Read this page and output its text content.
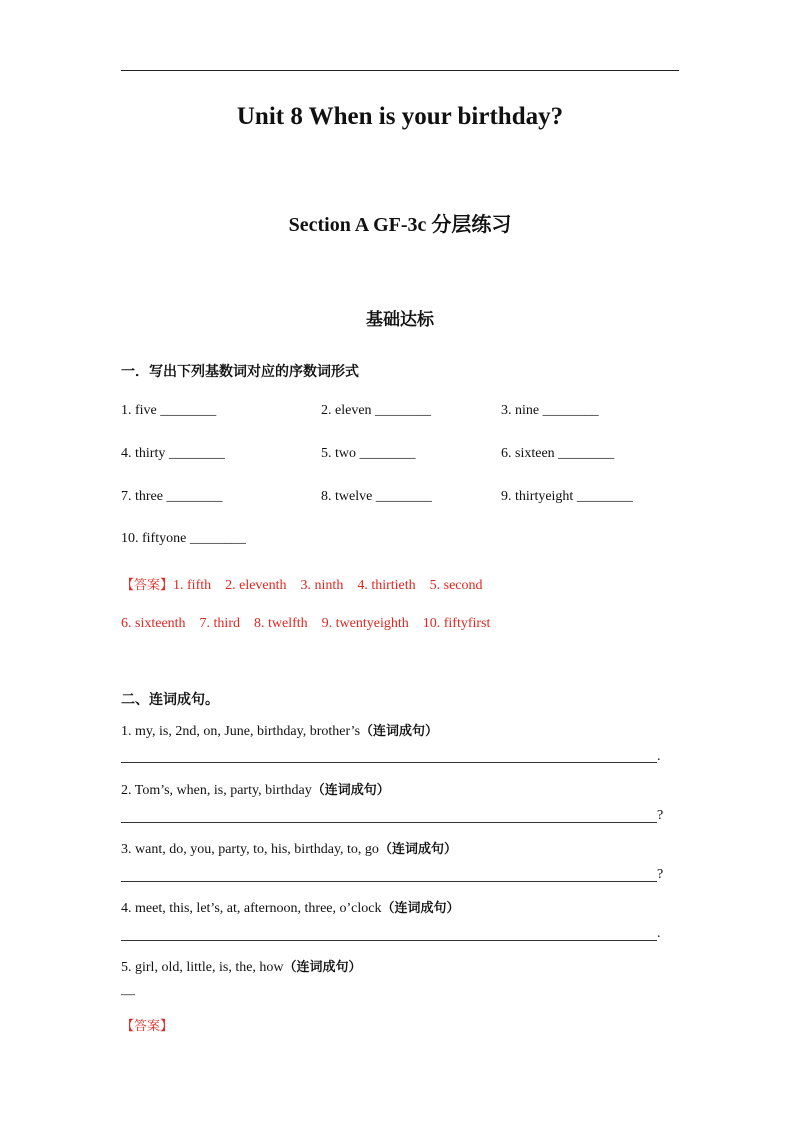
Unit 8 When is your birthday?
Section A GF-3c 分层练习
基础达标
一．写出下列基数词对应的序数词形式
1. five ________	2. eleven ________	3. nine ________
4. thirty ________	5. two ________	6. sixteen ________
7. three ________	8. twelve ________	9. thirtyeight ________
10. fiftyone ________
【答案】1. fifth    2. eleventh    3. ninth    4. thirtieth    5. second
6. sixteenth    7. third    8. twelfth    9. twentyeighth    10. fiftyfirst
二、连词成句。
1. my, is, 2nd, on, June, birthday, brother’s（连词成句）
.
2. Tom’s, when, is, party, birthday（连词成句）
?
3. want, do, you, party, to, his, birthday, to, go（连词成句）
?
4. meet, this, let’s, at, afternoon, three, o’clock（连词成句）
.
5. girl, old, little, is, the, how（连词成句）
—
【答案】
